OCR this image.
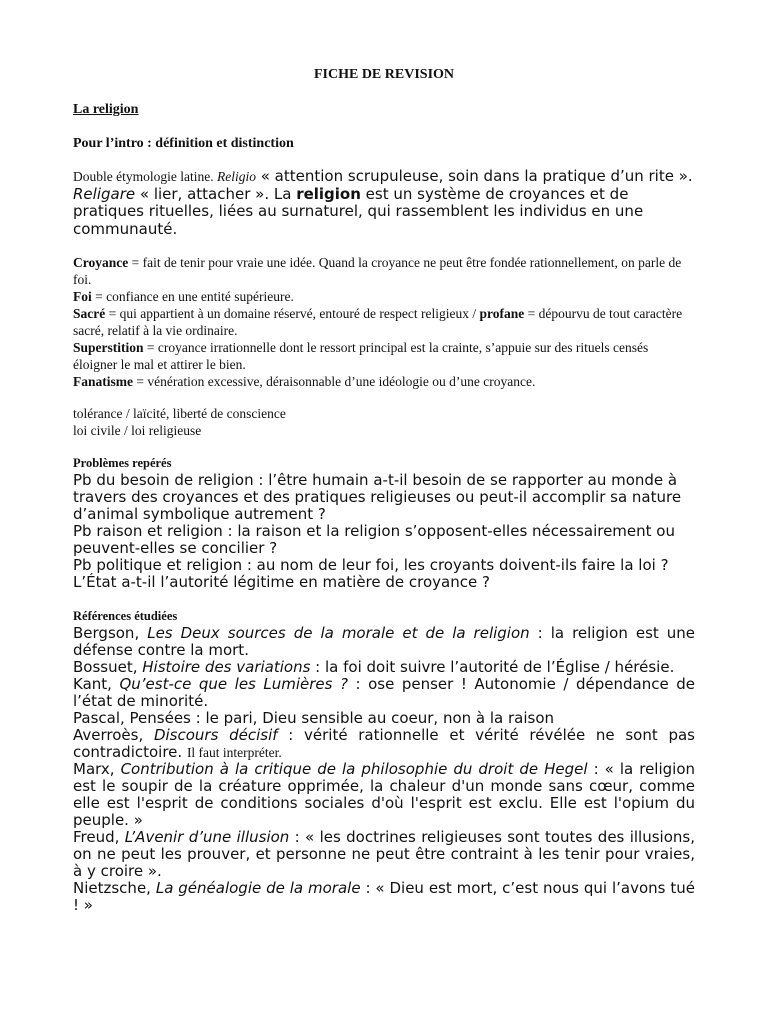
FICHE DE REVISION
La religion
Pour l’intro : définition et distinction
Double étymologie latine. Religio « attention scrupuleuse, soin dans la pratique d’un rite ». Religare « lier, attacher ». La religion est un système de croyances et de pratiques rituelles, liées au surnaturel, qui rassemblent les individus en une communauté.

Croyance = fait de tenir pour vraie une idée. Quand la croyance ne peut être fondée rationnellement, on parle de foi.

Foi = confiance en une entité supérieure.

Sacré = qui appartient à un domaine réservé, entouré de respect religieux / profane = dépourvu de tout caractère sacré, relatif à la vie ordinaire.

Superstition = croyance irrationnelle dont le ressort principal est la crainte, s’appuie sur des rituels censés éloigner le mal et attirer le bien.

Fanatisme = vénération excessive, déraisonnable d’une idéologie ou d’une croyance.

tolérance / laïcité, liberté de conscience

loi civile / loi religieuse

Problèmes repérés

Pb du besoin de religion : l’être humain a-t-il besoin de se rapporter au monde à travers des croyances et des pratiques religieuses ou peut-il accomplir sa nature d’animal symbolique autrement ?

Pb raison et religion : la raison et la religion s’opposent-elles nécessairement ou peuvent-elles se concilier ?

Pb politique et religion : au nom de leur foi, les croyants doivent-ils faire la loi ? L’État a-t-il l’autorité légitime en matière de croyance ?

Références étudiées

Bergson, Les Deux sources de la morale et de la religion : la religion est une défense contre la mort.

Bossuet, Histoire des variations : la foi doit suivre l’autorité de l’Église / hérésie.

Kant, Qu’est-ce que les Lumières ? : ose penser ! Autonomie / dépendance de l’état de minorité.

Pascal, Pensées : le pari, Dieu sensible au coeur, non à la raison

Averroès, Discours décisif : vérité rationnelle et vérité révélée ne sont pas contradictoire. Il faut interpréter.

Marx, Contribution à la critique de la philosophie du droit de Hegel : « la religion est le soupir de la créature opprimée, la chaleur d'un monde sans cœur, comme elle est l'esprit de conditions sociales d'où l'esprit est exclu. Elle est l'opium du peuple. »

Freud, L’Avenir d’une illusion : « les doctrines religieuses sont toutes des illusions, on ne peut les prouver, et personne ne peut être contraint à les tenir pour vraies, à y croire ».

Nietzsche, La généalogie de la morale : « Dieu est mort, c’est nous qui l’avons tué ! »
